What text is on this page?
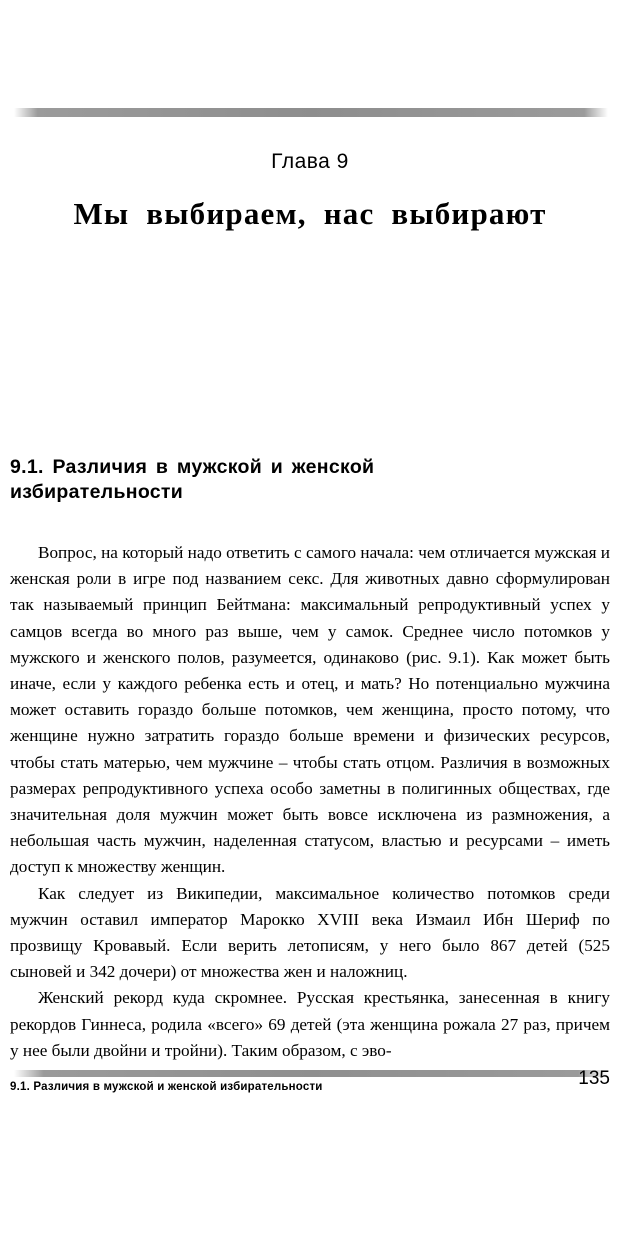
Глава 9
Мы выбираем, нас выбирают
9.1. Различия в мужской и женской избирательности

Вопрос, на который надо ответить с самого начала: чем отличается мужская и женская роли в игре под названием секс. Для животных давно сформулирован так называемый принцип Бейтмана: максимальный репродуктивный успех у самцов всегда во много раз выше, чем у самок. Среднее число потомков у мужского и женского полов, разумеется, одинаково (рис. 9.1). Как может быть иначе, если у каждого ребенка есть и отец, и мать? Но потенциально мужчина может оставить гораздо больше потомков, чем женщина, просто потому, что женщине нужно затратить гораздо больше времени и физических ресурсов, чтобы стать матерью, чем мужчине – чтобы стать отцом. Различия в возможных размерах репродуктивного успеха особо заметны в полигинных обществах, где значительная доля мужчин может быть вовсе исключена из размножения, а небольшая часть мужчин, наделенная статусом, властью и ресурсами – иметь доступ к множеству женщин.

Как следует из Википедии, максимальное количество потомков среди мужчин оставил император Марокко XVIII века Измаил Ибн Шериф по прозвищу Кровавый. Если верить летописям, у него было 867 детей (525 сыновей и 342 дочери) от множества жен и наложниц.

Женский рекорд куда скромнее. Русская крестьянка, занесенная в книгу рекордов Гиннеса, родила «всего» 69 детей (эта женщина рожала 27 раз, причем у нее были двойни и тройни). Таким образом, с эво-

9.1. Различия в мужской и женской избирательности	135
